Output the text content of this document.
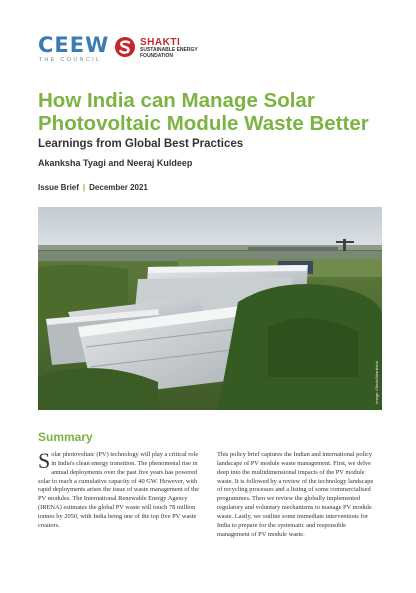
CEEW
THE COUNCIL
SHAKTI
SUSTAINABLE ENERGY FOUNDATION
How India can Manage Solar Photovoltaic Module Waste Better
Learnings from Global Best Practices
Akanksha Tyagi and Neeraj Kuldeep
Issue Brief | December 2021
Image: iStock/Akanksha
Summary
Solar photovoltaic (PV) technology will play a critical role in India's clean energy transition. The phenomenal rise in annual deployments over the past five years has powered solar to reach a cumulative capacity of 40 GW. However, with rapid deployments arises the issue of waste management of the PV modules. The International Renewable Energy Agency (IRENA) estimates the global PV waste will touch 78 million tonnes by 2050, with India being one of the top five PV waste creators.
This policy brief captures the Indian and international policy landscape of PV module waste management. First, we delve deep into the multidimensional impacts of the PV module waste. It is followed by a review of the technology landscape of recycling processes and a listing of some commercialised programmes. Then we review the globally implemented regulatory and voluntary mechanisms to manage PV module waste. Lastly, we outline some immediate interventions for India to prepare for the systematic and responsible management of PV module waste.
